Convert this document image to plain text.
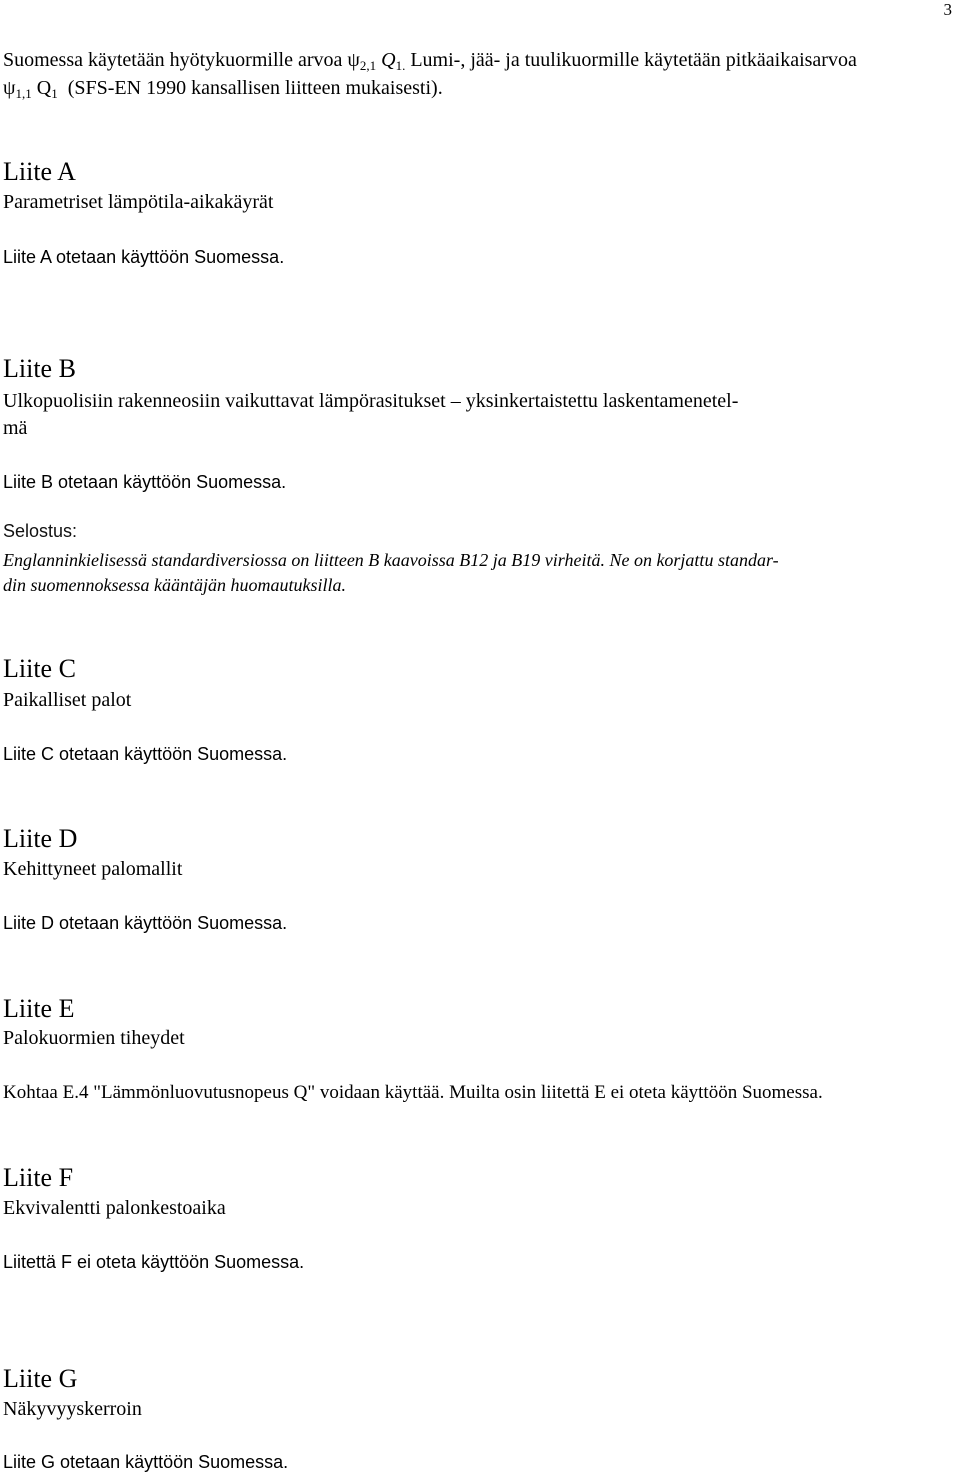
3
Suomessa käytetään hyötykuormille arvoa $\psi_{2,1}$ $Q_{1.}$ Lumi-, jää- ja tuulikuormille käytetään pitkäaikaisarvoa
$\psi_{1,1}$ $Q_1$ (SFS-EN 1990 kansallisen liitteen mukaisesti).
Liite A
Parametriset lämpötila-aikakäyrät
Liite A otetaan käyttöön Suomessa.
Liite B
Ulkopuolisiin rakenneosiin vaikuttavat lämpörasitukset – yksinkertaistettu laskentamenetel-
mä
Liite B otetaan käyttöön Suomessa.
Selostus:
Englanninkielisessä standardiversiossa on liitteen B kaavoissa B12 ja B19 virheitä. Ne on korjattu standar-
din suomennoksessa kääntäjän huomautuksilla.
Liite C
Paikalliset palot
Liite C otetaan käyttöön Suomessa.
Liite D
Kehittyneet palomallit
Liite D otetaan käyttöön Suomessa.
Liite E
Palokuormien tiheydet
Kohtaa E.4 "Lämmönluovutusnopeus Q" voidaan käyttää. Muilta osin liitettä E ei oteta käyttöön Suomessa.
Liite F
Ekvivalentti palonkestoaika
Liitettä F ei oteta käyttöön Suomessa.
Liite G
Näkyvyyskerroin
Liite G otetaan käyttöön Suomessa.
